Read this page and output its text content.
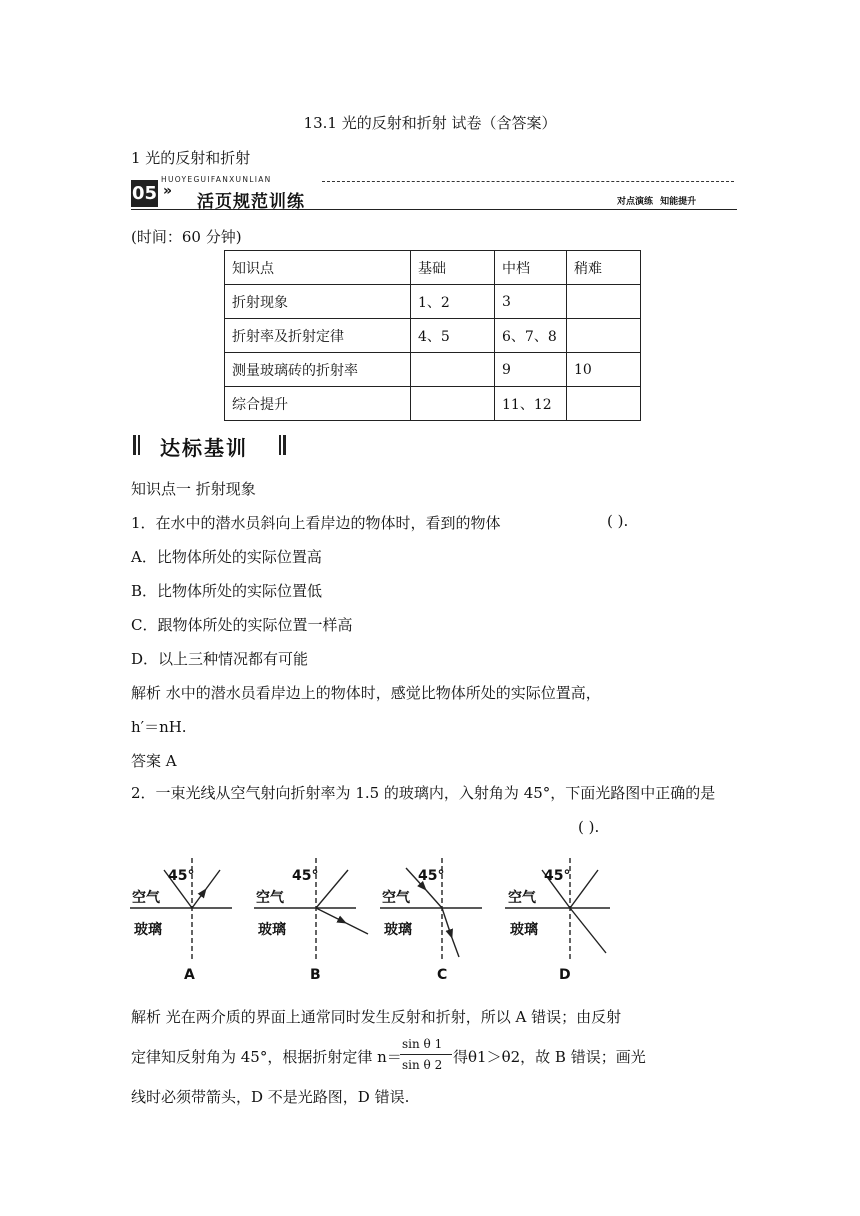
13.1 光的反射和折射 试卷（含答案）
1 光的反射和折射
05
HUOYEGUIFANXUNLIAN
»
活页规范训练	对点演练 知能提升
(时间：60 分钟)
知识点	基础	中档	稍难
折射现象	1、2	3	
折射率及折射定律	4、5	6、7、8	
测量玻璃砖的折射率		9	10
综合提升		11、12	
达标基训
知识点一 折射现象
1．在水中的潜水员斜向上看岸边的物体时，看到的物体	( ).
A．比物体所处的实际位置高
B．比物体所处的实际位置低
C．跟物体所处的实际位置一样高
D．以上三种情况都有可能
解析 水中的潜水员看岸边上的物体时，感觉比物体所处的实际位置高，
h′＝nH.
答案 A
2．一束光线从空气射向折射率为 1.5 的玻璃内，入射角为 45°，下面光路图中正确的是
( ).
45°
空气
玻璃
45°
空气
玻璃
45°
空气
玻璃
45°
空气
玻璃
A	B	C	D
解析 光在两介质的界面上通常同时发生反射和折射，所以 A 错误；由反射
定律知反射角为 45°，根据折射定律 n＝
sin θ 1
sin θ 2 得θ1＞θ2，故 B 错误；画光
线时必须带箭头，D 不是光路图，D 错误.
